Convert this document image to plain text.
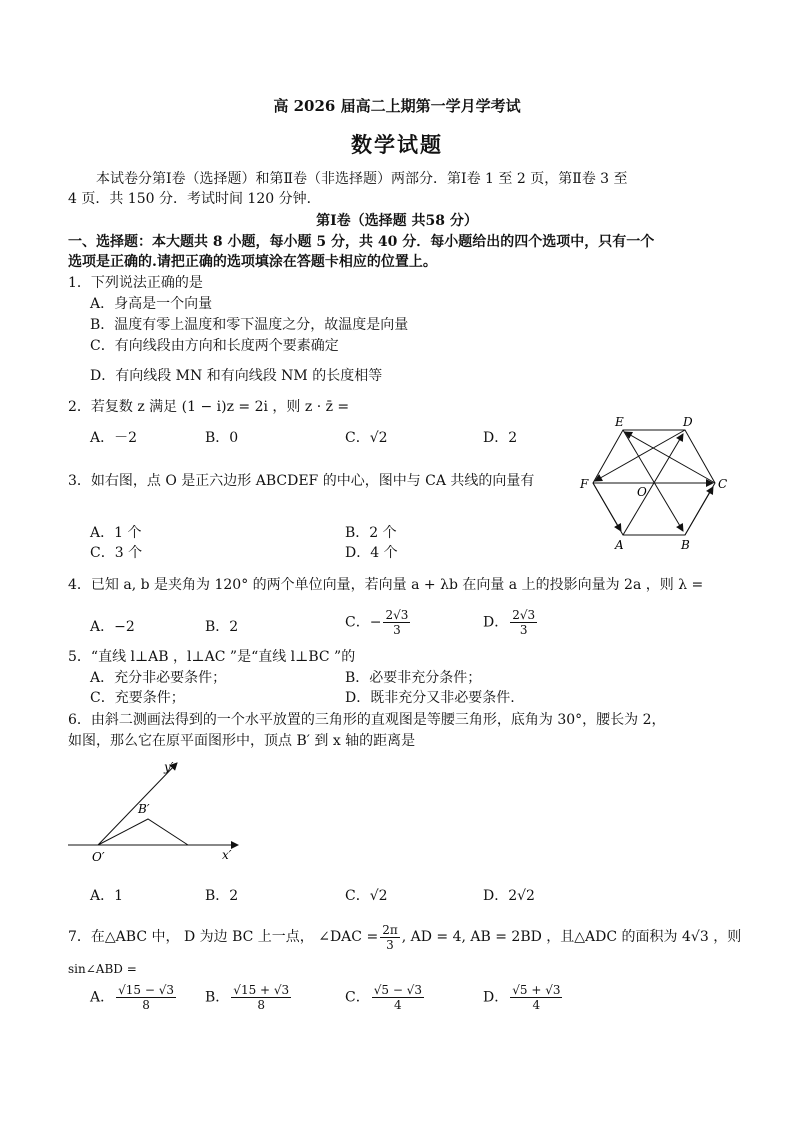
高 2026 届高二上期第一学月学考试
数学试题
本试卷分第Ⅰ卷（选择题）和第Ⅱ卷（非选择题）两部分．第Ⅰ卷 1 至 2 页，第Ⅱ卷 3 至
4 页．共 150 分．考试时间 120 分钟．
第Ⅰ卷（选择题 共58 分）
一、选择题：本大题共 8 小题，每小题 5 分，共 40 分．每小题给出的四个选项中，只有一个
选项是正确的.请把正确的选项填涂在答题卡相应的位置上。
1．下列说法正确的是
A．身高是一个向量
B．温度有零上温度和零下温度之分，故温度是向量
C．有向线段由方向和长度两个要素确定
D．有向线段 MN 和有向线段 NM 的长度相等
2．若复数 z 满足 (1 − i)z = 2i ，则 z · z̄ =
A．－2	B．0	C．√2	D．2
3．如右图，点 O 是正六边形 ABCDEF 的中心，图中与 CA 共线的向量有
A．1 个	B．2 个
C．3 个	D．4 个	A	B
C
D
E
F
O
4．已知 a, b 是夹角为 120° 的两个单位向量，若向量 a + λb 在向量 a 上的投影向量为 2a ，则 λ =
A．−2	B．2	C．− $\frac{2√3}{3}$	D． $\frac{2√3}{3}$
5．“直线 l⊥AB ，l⊥AC ”是“直线 l⊥BC ”的
A．充分非必要条件；	B．必要非充分条件；
C．充要条件；	D．既非充分又非必要条件.
6．由斜二测画法得到的一个水平放置的三角形的直观图是等腰三角形，底角为 30°，腰长为 2，
如图，那么它在原平面图形中，顶点 B′ 到 x 轴的距离是
y′
x′
O′
B′
A．1	B．2	C．√2	D．2√2
7．在△ABC 中， D 为边 BC 上一点， ∠DAC = $\frac{2\pi}{3}$ , AD = 4, AB = 2BD ，且△ADC 的面积为 4√3 ，则
sin∠ABD =
A． $\frac{√15 - √3}{8}$ B． $\frac{√15 + √3}{8}$	C． $\frac{√5 - √3}{4}$	D． $\frac{√5 + √3}{4}$
